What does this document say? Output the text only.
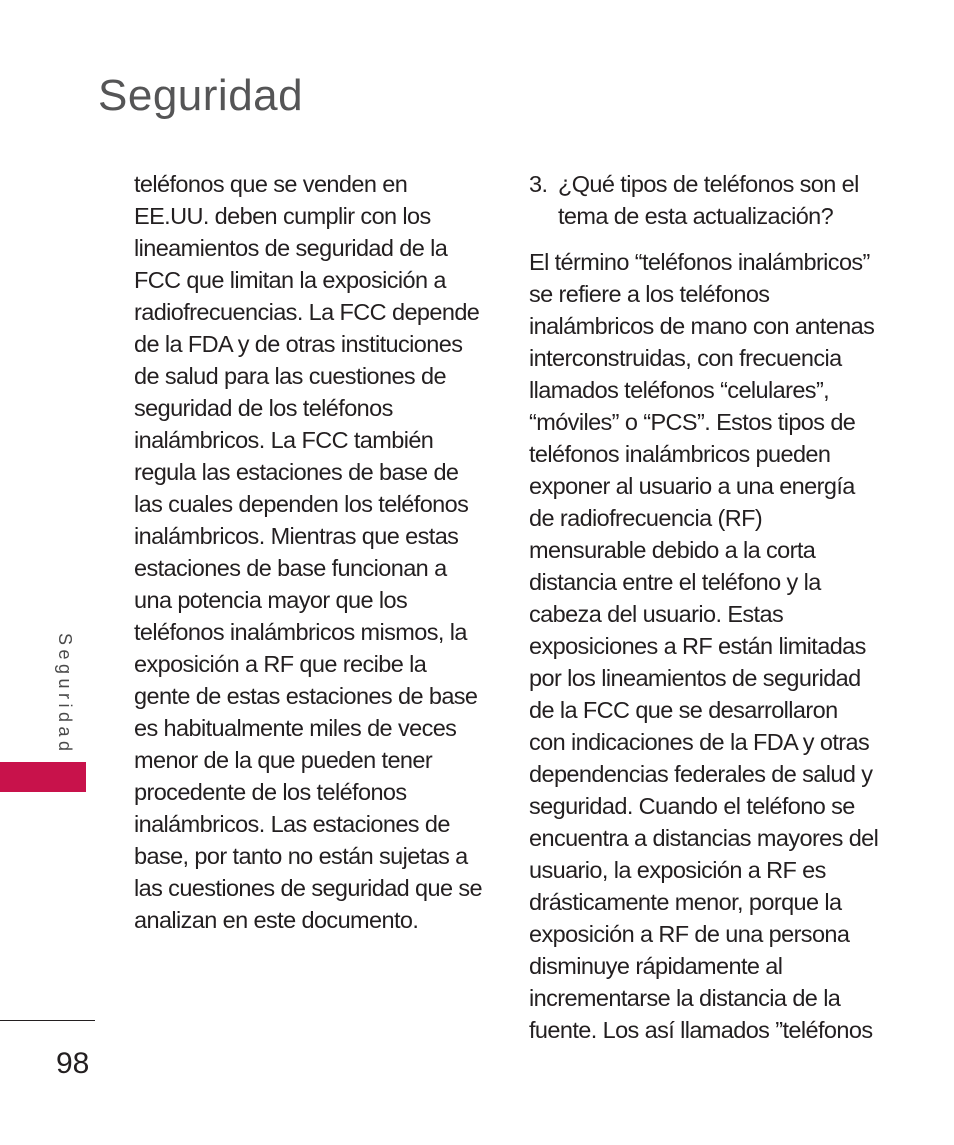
Seguridad
teléfonos que se venden en
EE.UU. deben cumplir con los
lineamientos de seguridad de la
FCC que limitan la exposición a
radiofrecuencias. La FCC depende
de la FDA y de otras instituciones
de salud para las cuestiones de
seguridad de los teléfonos
inalámbricos. La FCC también
regula las estaciones de base de
las cuales dependen los teléfonos
inalámbricos. Mientras que estas
estaciones de base funcionan a
una potencia mayor que los
teléfonos inalámbricos mismos, la
exposición a RF que recibe la
gente de estas estaciones de base
es habitualmente miles de veces
menor de la que pueden tener
procedente de los teléfonos
inalámbricos. Las estaciones de
base, por tanto no están sujetas a
las cuestiones de seguridad que se
analizan en este documento.
3. ¿Qué tipos de teléfonos son el
tema de esta actualización?
El término “teléfonos inalámbricos”
se refiere a los teléfonos
inalámbricos de mano con antenas
interconstruidas, con frecuencia
llamados teléfonos “celulares”,
“móviles” o “PCS”. Estos tipos de
teléfonos inalámbricos pueden
exponer al usuario a una energía
de radiofrecuencia (RF)
mensurable debido a la corta
distancia entre el teléfono y la
cabeza del usuario. Estas
exposiciones a RF están limitadas
por los lineamientos de seguridad
de la FCC que se desarrollaron
con indicaciones de la FDA y otras
dependencias federales de salud y
seguridad. Cuando el teléfono se
encuentra a distancias mayores del
usuario, la exposición a RF es
drásticamente menor, porque la
exposición a RF de una persona
disminuye rápidamente al
incrementarse la distancia de la
fuente. Los así llamados ”teléfonos
Seguridad
98
